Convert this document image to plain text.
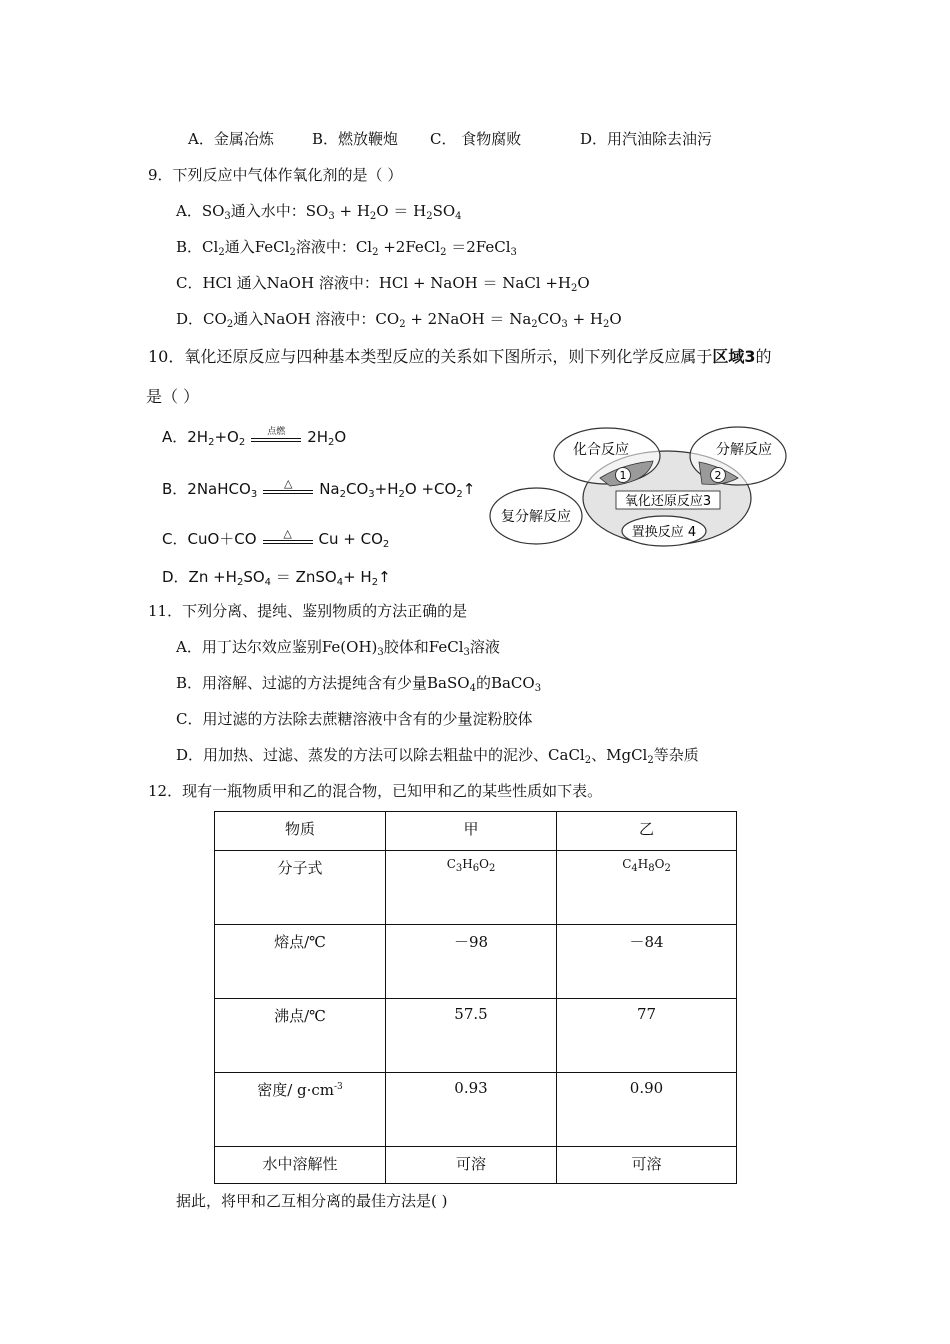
A．金属冶炼	B．燃放鞭炮 C． 食物腐败	D．用汽油除去油污
9．下列反应中气体作氧化剂的是（ ）
A．$SO_3$通入水中：$SO_3 + H_2O = H_2SO_4$
B．$Cl_2$通入FeCl$_2$溶液中：$Cl_2$ +2FeCl$_2$ ＝2FeCl$_3$
C．HCl 通入NaOH 溶液中：HCl + NaOH ＝ NaCl $+H_2O$
D．$CO_2$通入NaOH 溶液中：$CO_2$ + 2NaOH ＝ $Na_2CO_3 + H_2O$
10．氧化还原反应与四种基本类型反应的关系如下图所示，则下列化学反应属于区域3的
是（ ）
A．$2H_2+O_2$
点燃 $2H_2O$
B．2NaHCO$_3$
△ $Na_2CO_3+H_2O$ $+CO_2↑$
C．CuO＋CO △ $Cu + CO_2$
D．$Zn +H_2SO_4$ ＝ ZnSO$_4$+ $H_2↑$
1	2
化合反应	分解反应
复分解反应
氧化还原反应3
置换反应 4
11．下列分离、提纯、鉴别物质的方法正确的是
A．用丁达尔效应鉴别$Fe(OH)_3$胶体和FeCl$_3$溶液
B．用溶解、过滤的方法提纯含有少量BaSO$_4$的BaCO$_3$
C．用过滤的方法除去蔗糖溶液中含有的少量淀粉胶体
D．用加热、过滤、蒸发的方法可以除去粗盐中的泥沙、CaCl$_2$、MgCl$_2$等杂质
12．现有一瓶物质甲和乙的混合物，已知甲和乙的某些性质如下表。
物质	甲	乙
分子式	$C_3H_6O_2$	$C_4H_8O_2$
熔点/℃	－98	－84
沸点/℃	57.5	77
密度/ $g\cdot cm^{-3}$	0.93	0.90
水中溶解性	可溶	可溶
据此，将甲和乙互相分离的最佳方法是( )
